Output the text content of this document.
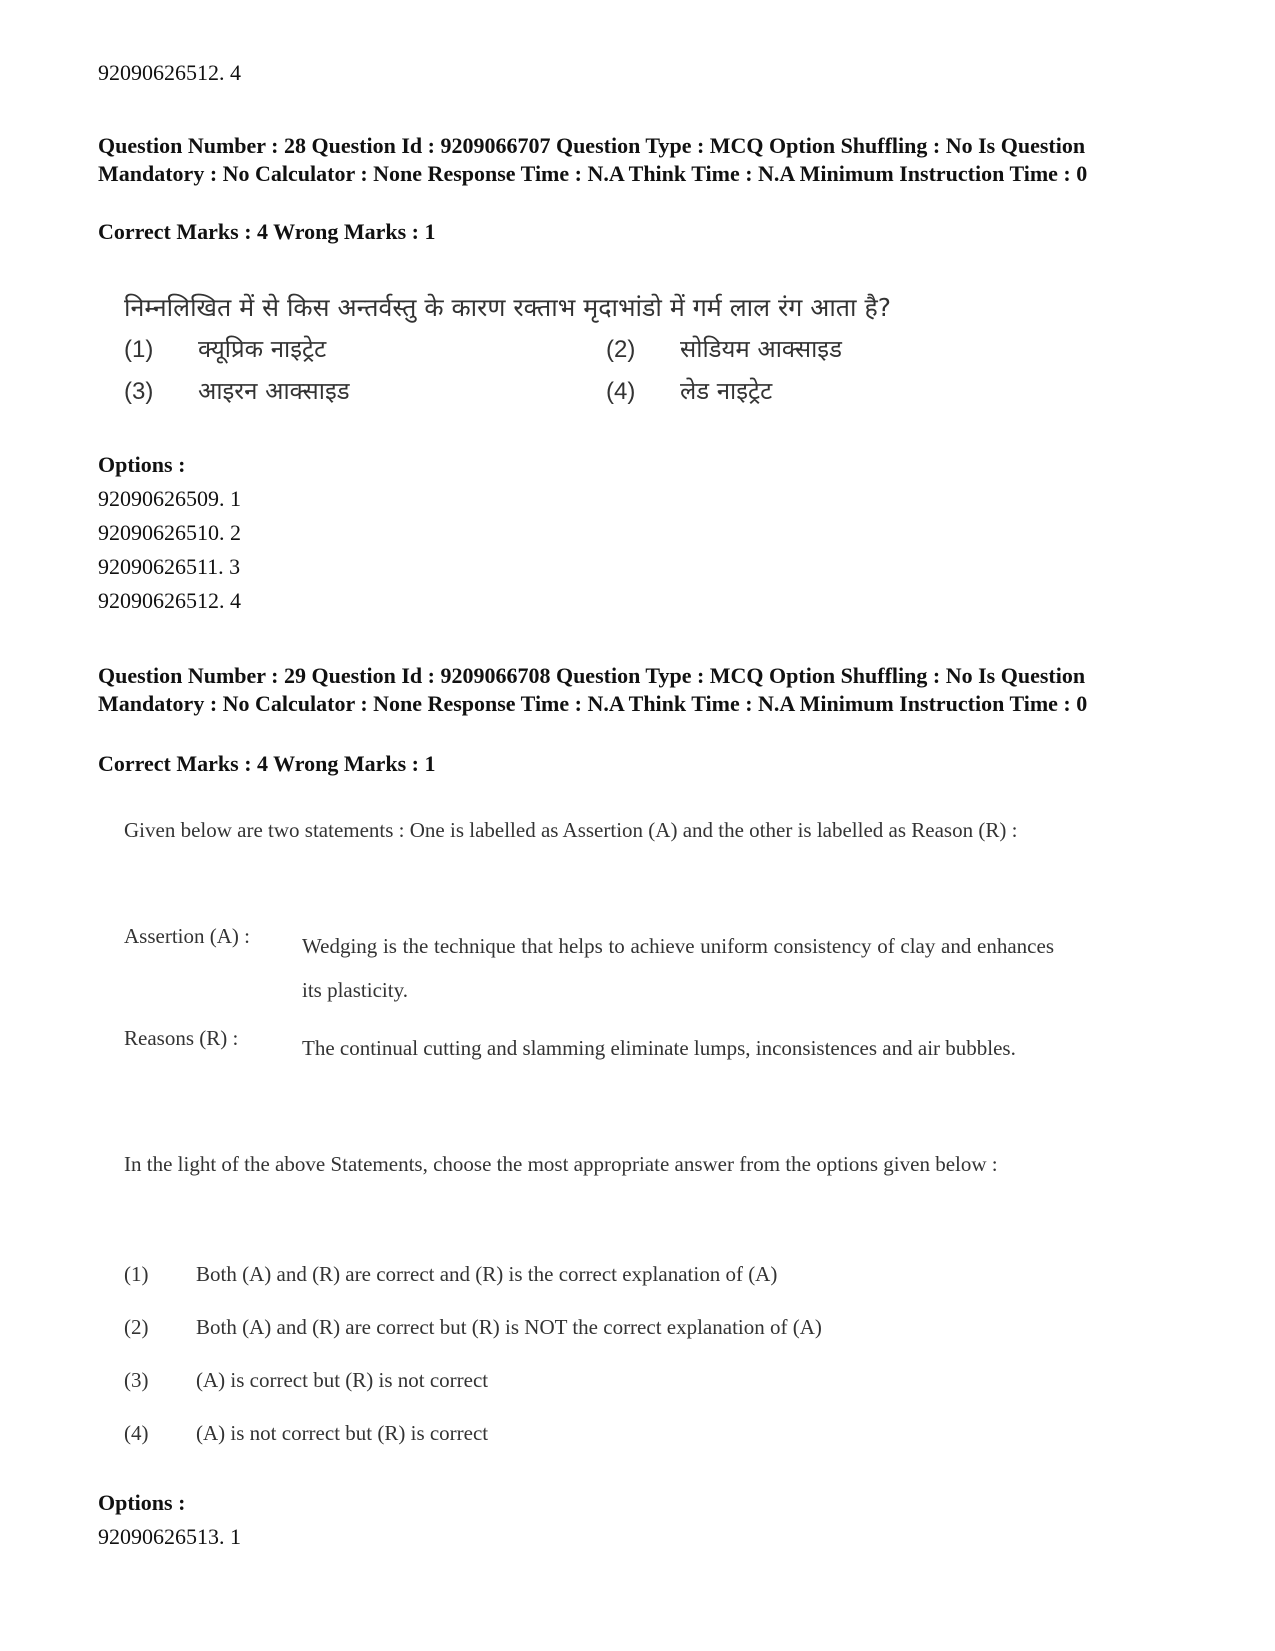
92090626512. 4

Question Number : 28 Question Id : 9209066707 Question Type : MCQ Option Shuffling : No Is Question Mandatory : No Calculator : None Response Time : N.A Think Time : N.A Minimum Instruction Time : 0

Correct Marks : 4 Wrong Marks : 1
निम्नलिखित में से किस अन्तर्वस्तु के कारण रक्ताभ मृदाभांडो में गर्म लाल रंग आता है?
(1) क्यूप्रिक नाइट्रेट	(2) सोडियम आक्साइड
(3) आइरन आक्साइड	(4) लेड नाइट्रेट
Options :
92090626509. 1
92090626510. 2
92090626511. 3
92090626512. 4

Question Number : 29 Question Id : 9209066708 Question Type : MCQ Option Shuffling : No Is Question Mandatory : No Calculator : None Response Time : N.A Think Time : N.A Minimum Instruction Time : 0

Correct Marks : 4 Wrong Marks : 1
Given below are two statements : One is labelled as Assertion (A) and the other is labelled as Reason (R) :
Assertion (A) : Wedging is the technique that helps to achieve uniform consistency of clay and enhances its plasticity.
Reasons (R) :	The continual cutting and slamming eliminate lumps, inconsistences and air bubbles.
In the light of the above Statements, choose the most appropriate answer from the options given below :
(1) Both (A) and (R) are correct and (R) is the correct explanation of (A)
(2) Both (A) and (R) are correct but (R) is NOT the correct explanation of (A)
(3) (A) is correct but (R) is not correct
(4) (A) is not correct but (R) is correct
Options :
92090626513. 1
